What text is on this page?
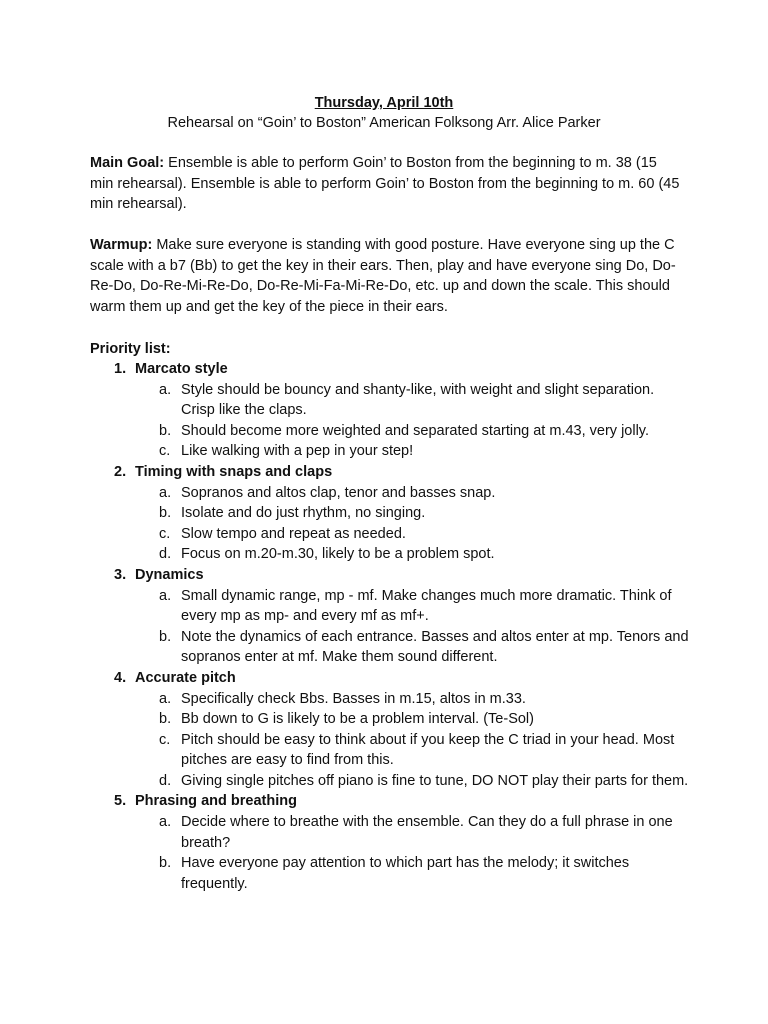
Thursday, April 10th
Rehearsal on “Goin’ to Boston” American Folksong Arr. Alice Parker
Main Goal: Ensemble is able to perform Goin’ to Boston from the beginning to m. 38 (15 min rehearsal). Ensemble is able to perform Goin’ to Boston from the beginning to m. 60 (45 min rehearsal).
Warmup: Make sure everyone is standing with good posture. Have everyone sing up the C scale with a b7 (Bb) to get the key in their ears. Then, play and have everyone sing Do, Do-Re-Do, Do-Re-Mi-Re-Do, Do-Re-Mi-Fa-Mi-Re-Do, etc. up and down the scale. This should warm them up and get the key of the piece in their ears.
Priority list:
1. Marcato style
a. Style should be bouncy and shanty-like, with weight and slight separation. Crisp like the claps.
b. Should become more weighted and separated starting at m.43, very jolly.
c. Like walking with a pep in your step!
2. Timing with snaps and claps
a. Sopranos and altos clap, tenor and basses snap.
b. Isolate and do just rhythm, no singing.
c. Slow tempo and repeat as needed.
d. Focus on m.20-m.30, likely to be a problem spot.
3. Dynamics
a. Small dynamic range, mp - mf. Make changes much more dramatic. Think of every mp as mp- and every mf as mf+.
b. Note the dynamics of each entrance. Basses and altos enter at mp. Tenors and sopranos enter at mf. Make them sound different.
4. Accurate pitch
a. Specifically check Bbs. Basses in m.15, altos in m.33.
b. Bb down to G is likely to be a problem interval. (Te-Sol)
c. Pitch should be easy to think about if you keep the C triad in your head. Most pitches are easy to find from this.
d. Giving single pitches off piano is fine to tune, DO NOT play their parts for them.
5. Phrasing and breathing
a. Decide where to breathe with the ensemble. Can they do a full phrase in one breath?
b. Have everyone pay attention to which part has the melody; it switches frequently.
